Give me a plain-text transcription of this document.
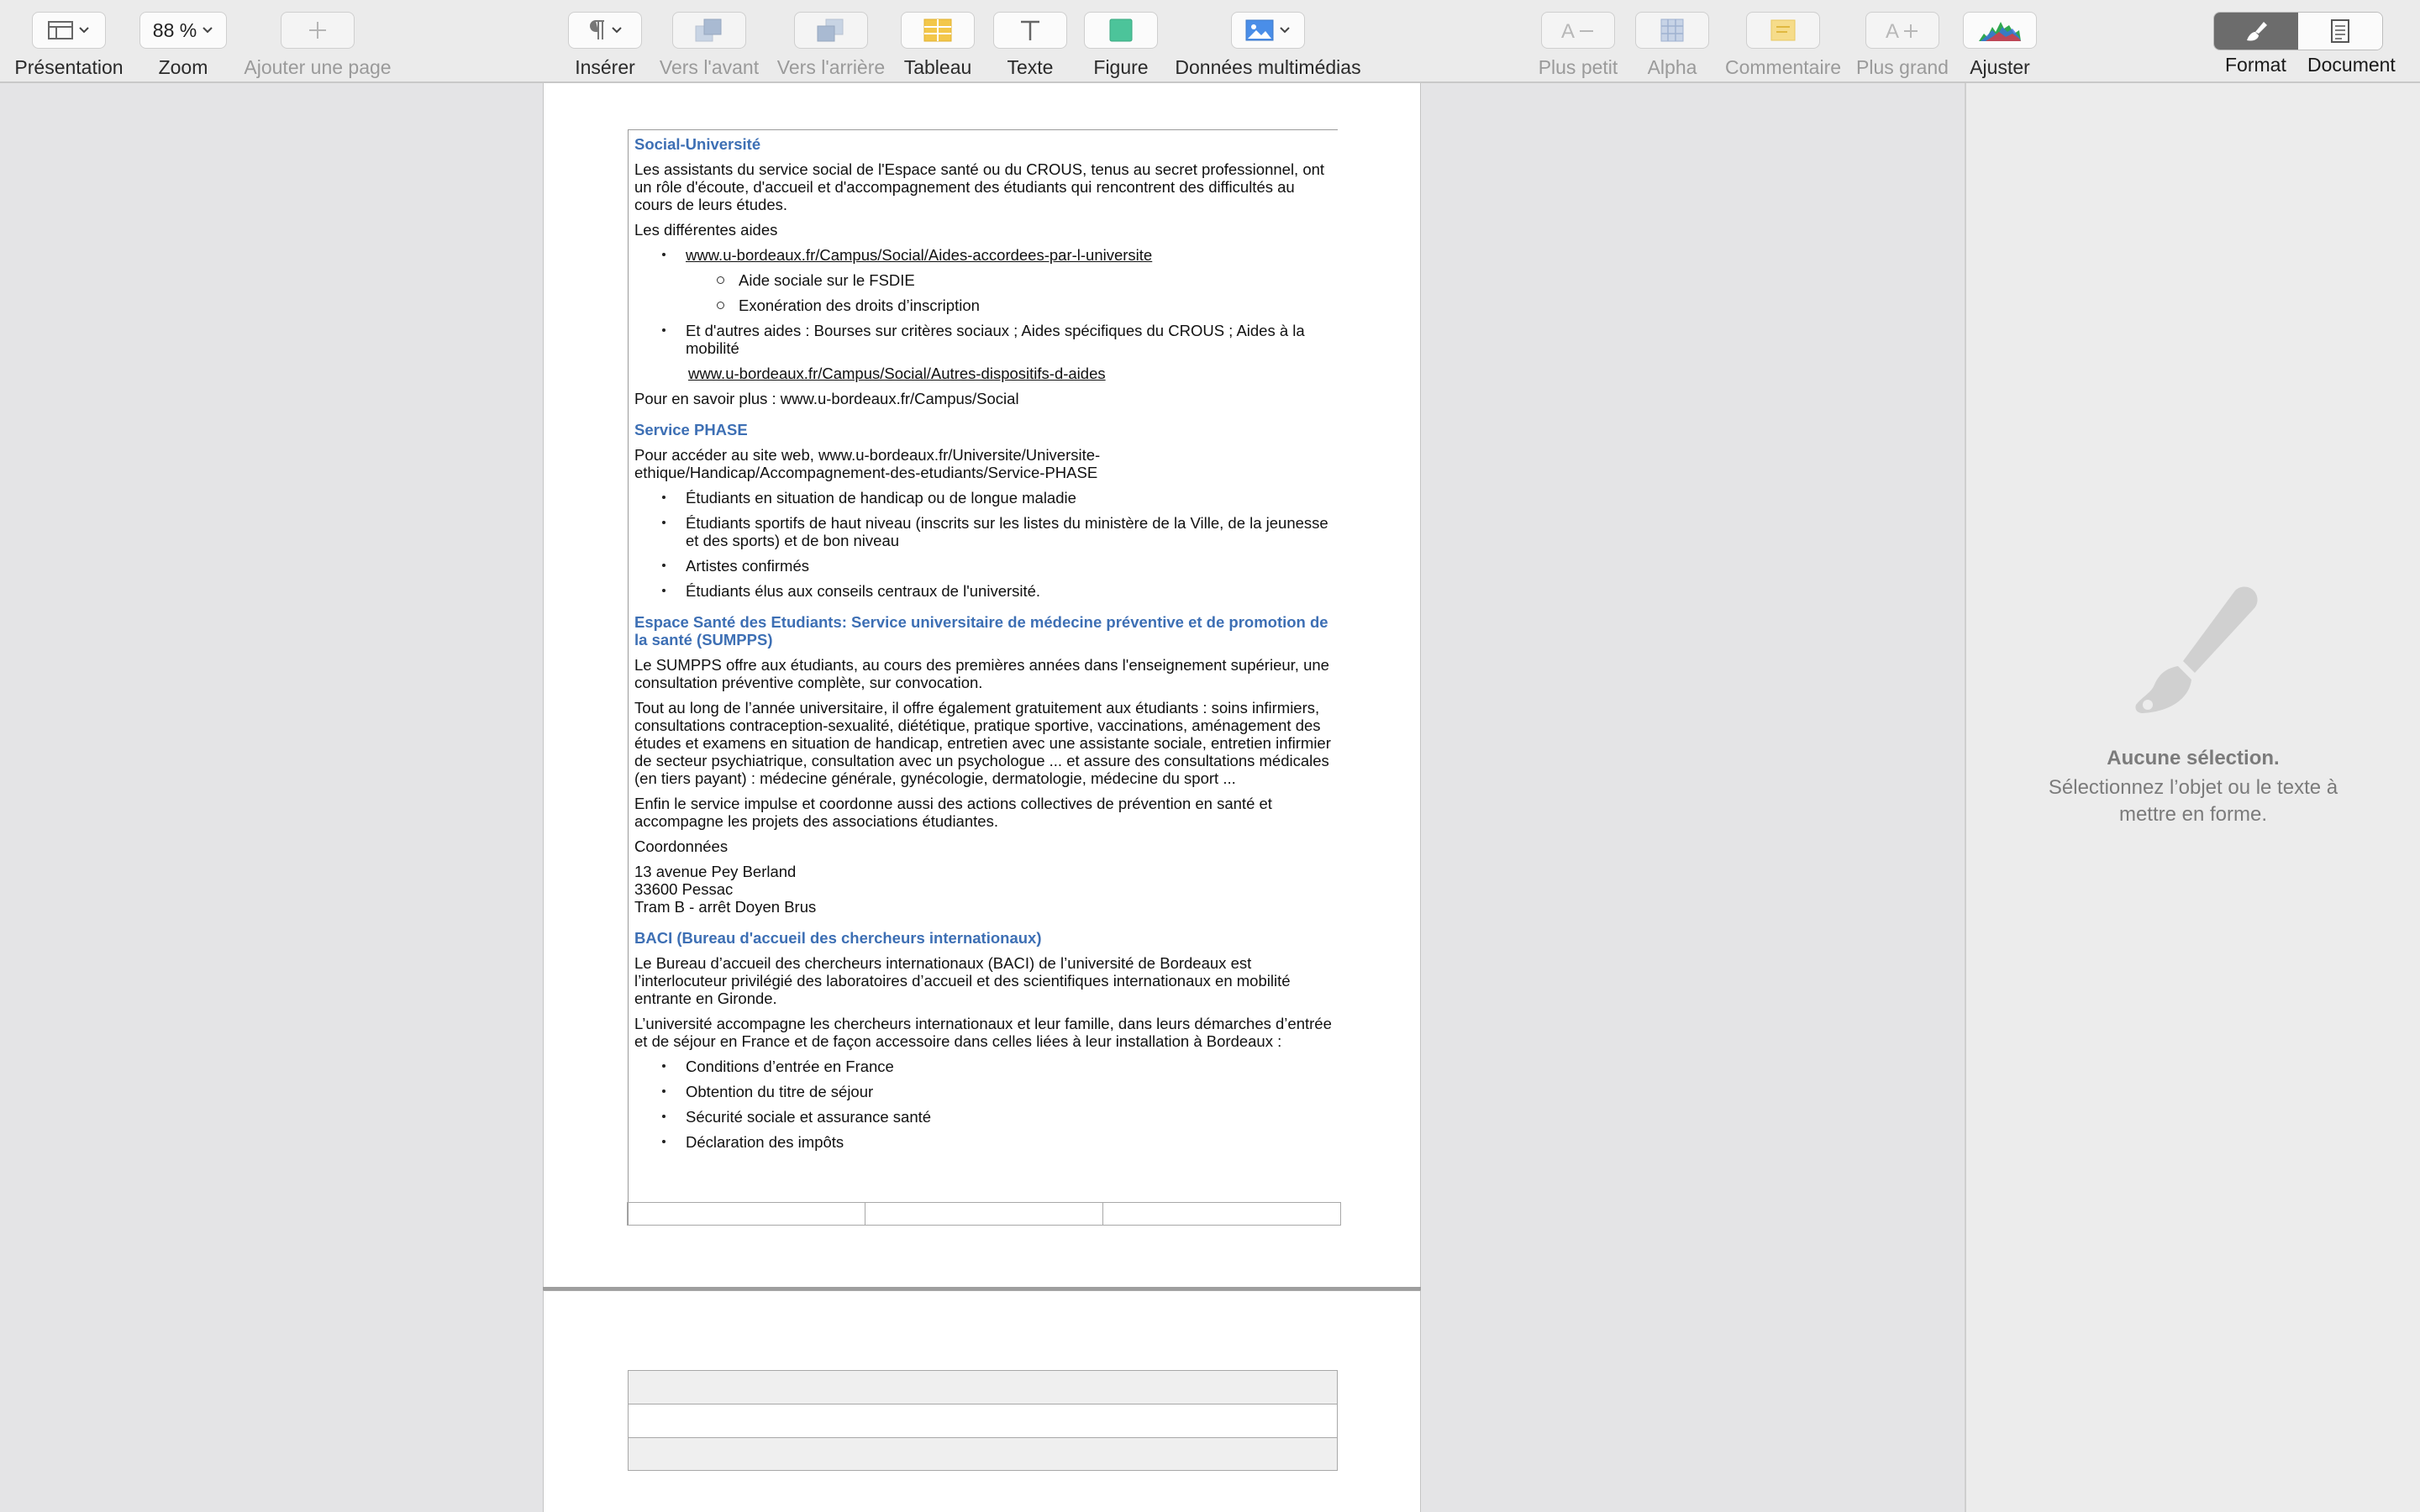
Présentation
88 %
Zoom Ajouter une page	Insérer Vers l'avant Vers l'arrière Tableau Texte Figure Données multimédias
A
Plus petit Alpha Commentaire
A
Plus grand Ajuster	Format Document
Social-Université

Les assistants du service social de l'Espace santé ou du CROUS, tenus au secret professionnel, ont un rôle d'écoute, d'accueil et d'accompagnement des étudiants qui rencontrent des difficultés au cours de leurs études.

Les différentes aides

www.u-bordeaux.fr/Campus/Social/Aides-accordees-par-l-universite
Aide sociale sur le FSDIE
Exonération des droits d’inscription
Et d'autres aides : Bourses sur critères sociaux ; Aides spécifiques du CROUS ; Aides à la mobilité

www.u-bordeaux.fr/Campus/Social/Autres-dispositifs-d-aides

Pour en savoir plus : www.u-bordeaux.fr/Campus/Social

Service PHASE

Pour accéder au site web, www.u-bordeaux.fr/Universite/Universite-ethique/Handicap/Accompagnement-des-etudiants/Service-PHASE

Étudiants en situation de handicap ou de longue maladie
Étudiants sportifs de haut niveau (inscrits sur les listes du ministère de la Ville, de la jeunesse et des sports) et de bon niveau
Artistes confirmés
Étudiants élus aux conseils centraux de l'université.
Espace Santé des Etudiants: Service universitaire de médecine préventive et de promotion de la santé (SUMPPS)

Le SUMPPS offre aux étudiants, au cours des premières années dans l'enseignement supérieur, une consultation préventive complète, sur convocation.

Tout au long de l’année universitaire, il offre également gratuitement aux étudiants : soins infirmiers, consultations contraception-sexualité, diététique, pratique sportive, vaccinations, aménagement des études et examens en situation de handicap, entretien avec une assistante sociale, entretien infirmier de secteur psychiatrique, consultation avec un psychologue ... et assure des consultations médicales (en tiers payant) : médecine générale, gynécologie, dermatologie, médecine du sport ...

Enfin le service impulse et coordonne aussi des actions collectives de prévention en santé et accompagne les projets des associations étudiantes.

Coordonnées

13 avenue Pey Berland

33600 Pessac

Tram B - arrêt Doyen Brus

BACI (Bureau d'accueil des chercheurs internationaux)

Le Bureau d’accueil des chercheurs internationaux (BACI) de l’université de Bordeaux est l’interlocuteur privilégié des laboratoires d’accueil et des scientifiques internationaux en mobilité entrante en Gironde.

L’université accompagne les chercheurs internationaux et leur famille, dans leurs démarches d’entrée et de séjour en France et de façon accessoire dans celles liées à leur installation à Bordeaux :

Conditions d’entrée en France
Obtention du titre de séjour
Sécurité sociale et assurance santé
Déclaration des impôts
Aucune sélection.
Sélectionnez l’objet ou le texte à mettre en forme.
